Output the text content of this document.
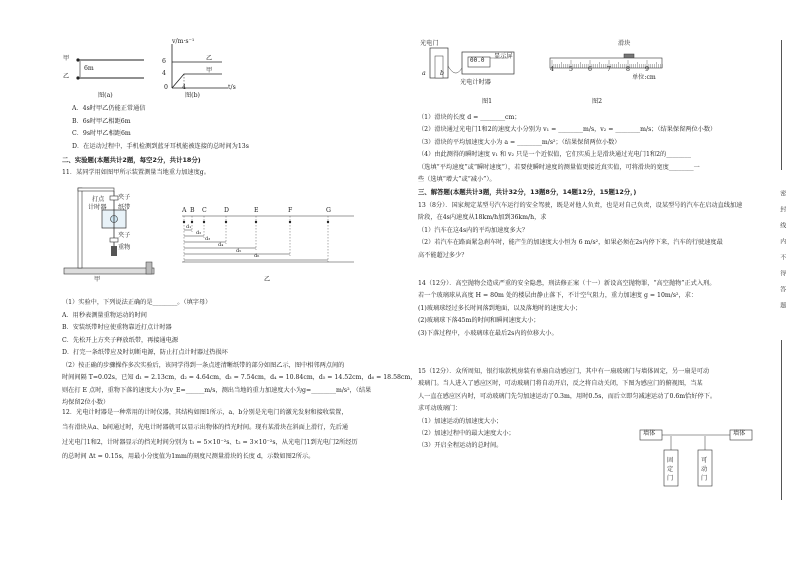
甲
乙
6m
图(a)
v/m·s⁻¹
6
4
0 4	t/s
乙
甲
图(b)
A．4s时甲乙仍能正常通信
B．6s时甲乙相距6m
C．9s时甲乙相距6m
D．在运动过程中，手机检测到蓝牙耳机能被连接的总时间为13s
二、实验题(本题共计2题，每空2分，共计18分)
11．某同学用如图甲所示装置测量当地重力加速度g。
打点
计时器
夹子
纸带
夹子
重物
甲
A B C	D	E	F	G
d₁
d₂
d₃
d₄
d₅
d₆
乙
（1）实验中，下列说法正确的是________。（填字母）
A．用秒表测量重物运动的时间
B．安装纸带时应使重物靠近打点计时器
C．先松开上方夹子释放纸带，再接通电源
D．打完一条纸带应及时切断电源，防止打点计时器过热损坏
（2）按正确的步骤操作多次实验后，该同学得到一条点迹清晰纸带的部分如图乙示，图中相邻两点间的
时间间隔 T=0.02s，已知 d₁ = 2.13cm，d₂ = 4.64cm，d₃ = 7.54cm，d₄ = 10.84cm，d₅ = 14.52cm，d₆ = 18.58cm，
则在打 E 点时，重物下落的速度大小为v_E=______m/s，测出当地的重力加速度大小为g=________m/s²，（结果
均保留2位小数）
12．光电计时器是一种常用的计时仪器，其结构如图1所示，a、b分别是光电门的激光发射和接收装置，
当有滑块从a、b间通过时，光电计时器就可以显示出物体的挡光时间。现有某滑块在斜面上滑行，先后通
过光电门1和2，计时器显示的挡光时间分别为 t₁ = 5×10⁻²s、t₂ = 3×10⁻²s，从光电门1到光电门2所经历
的总时间 Δt = 0.15s，用最小分度值为1mm的刻度尺测量滑块的长度 d，示数如图2所示。
光电门
00.0
显示屏
a b
光电计时器
图1
滑块
4 5 6 7 8 9
单位:cm
图2
（1）滑块的长度 d = ________cm；
（2）滑块通过光电门1和2的速度大小分别为 v₁ = ________m/s，v₂ = ________m/s；（结果保留两位小数）
（3）滑块的平均加速度大小为 a = ________m/s²；（结果保留两位小数）
（4）由此测得的瞬时速度 v₁ 和 v₂ 只是一个近似值，它们实质上是滑块通过光电门1和2的________
（选填“平均速度”或“瞬时速度”），若要使瞬时速度的测量值更接近真实值，可将滑块的宽度________一
些（选填“增大”或“减小”）。
三、解答题(本题共计3题，共计32分，13题8分，14题12分，15题12分，)
13（8分）．国家规定某型号汽车运行的安全驾驶，既是对他人负责，也是对自己负责，设某型号的汽车在启动直线加速
阶段，在4s内速度从18km/h加到36km/h，求
（1）汽车在这4s内的平均加速度多大？
（2）若汽车在路面紧急刹车时，能产生的加速度大小恒为 6 m/s²，如果必须在2s内停下来，汽车的行驶速度最
高不能超过多少？
14（12分）．高空抛物会造成严重的安全隐患，刑法修正案（十一）新设高空抛物罪，“高空抛物”正式入刑。
若一个玻璃球从高度 H = 80m 处的楼层由静止落下，不计空气阻力，重力加速度 g = 10m/s²，求：
(1)玻璃球经过多长时间落到地面，以及落地时的速度大小；
(2)玻璃球下落45m的时间和瞬间速度大小；
(3)下落过程中，小玻璃球在最后2s内的位移大小。
15（12分）．众所周知，银行取款机房装有单扇自动感应门，其中有一扇玻璃门与墙体固定，另一扇是可动
玻璃门。当人进入了感应区时，可动玻璃门将自动开启，反之将自动关闭，下图为感应门的俯视图，当某
人一直在感应区内时，可动玻璃门先匀加速运动了0.3m，用时0.5s，而后立即匀减速运动了0.6m恰好停下。
求可动玻璃门：
（1）加速运动的加速度大小；
（2）加速过程中的最大速度大小；
（3）开启全程运动的总时间。
墙体	墙体
固定门
可动门
密封线内不得答题
